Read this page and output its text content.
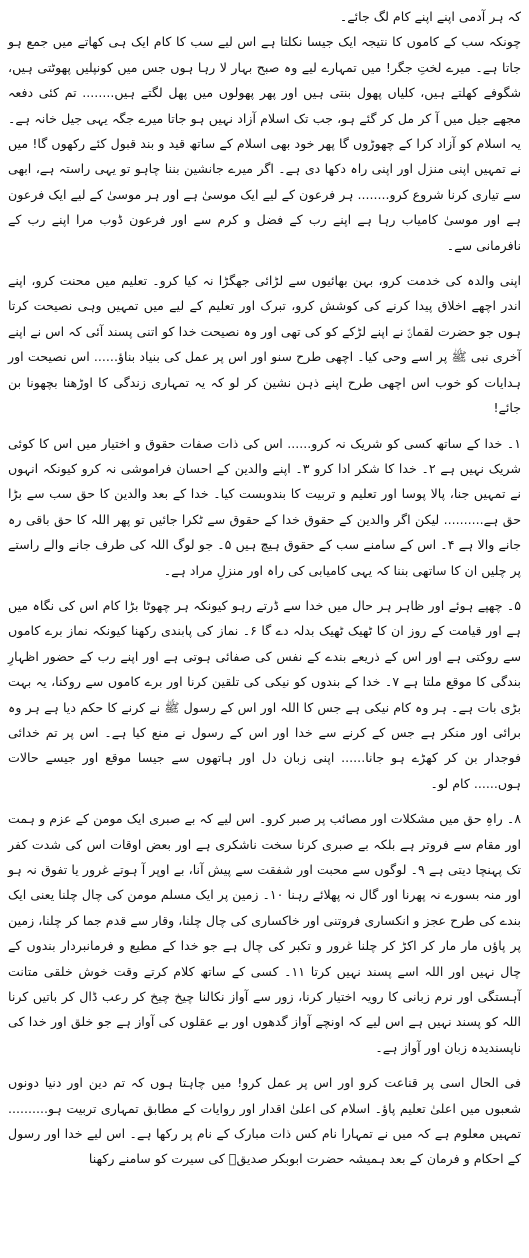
کہ ہر آدمی اپنے اپنے کام لگ جائے۔

چونکہ سب کے کاموں کا نتیجہ ایک جیسا نکلتا ہے اس لیے سب کا کام ایک ہی کھاتے میں جمع ہو جاتا ہے۔ میرے لختِ جگر! میں تمہارے لیے وہ صبح بہار لا رہا ہوں جس میں کونپلیں پھوٹتی ہیں، شگوفے کھلتے ہیں، کلیاں پھول بنتی ہیں اور پھر پھولوں میں پھل لگتے ہیں........ تم کئی دفعہ مجھے جیل میں آ کر مل کر گئے ہو، جب تک اسلام آزاد نہیں ہو جاتا میرے جگہ یہی جیل خانہ ہے۔ یہ اسلام کو آزاد کرا کے چھوڑوں گا پھر خود بھی اسلام کے ساتھ قید و بند قبول کئے رکھوں گا! میں نے تمہیں اپنی منزل اور اپنی راہ دکھا دی ہے۔ اگر میرے جانشین بننا چاہو تو یہی راستہ ہے، ابھی سے تیاری کرنا شروع کرو........ ہر فرعون کے لیے ایک موسیٰ ہے اور ہر موسیٰ کے لیے ایک فرعون ہے اور موسیٰ کامیاب رہا ہے اپنے رب کے فضل و کرم سے اور فرعون ڈوب مرا اپنے رب کے نافرمانی سے۔

اپنی والدہ کی خدمت کرو، بہن بھائیوں سے لڑائی جھگڑا نہ کیا کرو۔ تعلیم میں محنت کرو، اپنے اندر اچھے اخلاق پیدا کرنے کی کوشش کرو، تبرک اور تعلیم کے لیے میں تمہیں وہی نصیحت کرتا ہوں جو حضرت لقمانؑ نے اپنے لڑکے کو کی تھی اور وہ نصیحت خدا کو اتنی پسند آئی کہ اس نے اپنے آخری نبی ﷺ پر اسے وحی کیا۔ اچھی طرح سنو اور اس پر عمل کی بنیاد بناؤ...... اس نصیحت اور ہدایات کو خوب اس اچھی طرح اپنے ذہن نشین کر لو کہ یہ تمہاری زندگی کا اوڑھنا بچھونا بن جائے!

۱۔ خدا کے ساتھ کسی کو شریک نہ کرو...... اس کی ذات صفات حقوق و اختیار میں اس کا کوئی شریک نہیں ہے ۲۔ خدا کا شکر ادا کرو ۳۔ اپنے والدین کے احسان فراموشی نہ کرو کیونکہ انہوں نے تمہیں جنا، پالا پوسا اور تعلیم و تربیت کا بندوبست کیا۔ خدا کے بعد والدین کا حق سب سے بڑا حق ہے.......... لیکن اگر والدین کے حقوق خدا کے حقوق سے ٹکرا جائیں تو پھر اللہ کا حق باقی رہ جانے والا ہے ۴۔ اس کے سامنے سب کے حقوق ہیچ ہیں ۵۔ جو لوگ اللہ کی طرف جانے والے راستے پر چلیں ان کا ساتھی بننا کہ یہی کامیابی کی راہ اور منزلِ مراد ہے۔

۵۔ چھپے ہوئے اور ظاہر ہر حال میں خدا سے ڈرتے رہو کیونکہ ہر چھوٹا بڑا کام اس کی نگاہ میں ہے اور قیامت کے روز ان کا ٹھیک ٹھیک بدلہ دے گا ۶۔ نماز کی پابندی رکھنا کیونکہ نماز برے کاموں سے روکتی ہے اور اس کے ذریعے بندے کے نفس کی صفائی ہوتی ہے اور اپنے رب کے حضور اظہارِ بندگی کا موقع ملتا ہے ۷۔ خدا کے بندوں کو نیکی کی تلقین کرنا اور برے کاموں سے روکنا، یہ بہت بڑی بات ہے۔ ہر وہ کام نیکی ہے جس کا اللہ اور اس کے رسول ﷺ نے کرنے کا حکم دیا ہے ہر وہ برائی اور منکر ہے جس کے کرنے سے خدا اور اس کے رسول نے منع کیا ہے۔ اس پر تم خدائی فوجدار بن کر کھڑے ہو جانا...... اپنی زبان دل اور ہاتھوں سے جیسا موقع اور جیسے حالات ہوں...... کام لو۔

۸۔ راہِ حق میں مشکلات اور مصائب پر صبر کرو۔ اس لیے کہ بے صبری ایک مومن کے عزم و ہمت اور مقام سے فروتر ہے بلکہ بے صبری کرنا سخت ناشکری ہے اور بعض اوقات اس کی شدت کفر تک پہنچا دیتی ہے ۹۔ لوگوں سے محبت اور شفقت سے پیش آنا، بے اوپر آ ہوتے غرور یا تفوق نہ ہو اور منہ بسورے نہ پھرنا اور گال نہ پھلائے رہنا ۱۰۔ زمین پر ایک مسلم مومن کی چال چلنا یعنی ایک بندے کی طرح عجز و انکساری فروتنی اور خاکساری کی چال چلنا، وقار سے قدم جما کر چلنا، زمین پر پاؤں مار مار کر اکڑ کر چلنا غرور و تکبر کی چال ہے جو خدا کے مطیع و فرمانبردار بندوں کے چال نہیں اور اللہ اسے پسند نہیں کرتا ۱۱۔ کسی کے ساتھ کلام کرتے وقت خوش خلقی متانت آہستگی اور نرم زبانی کا رویہ اختیار کرنا، زور سے آواز نکالنا چیخ چیخ کر رعب ڈال کر باتیں کرنا اللہ کو پسند نہیں ہے اس لیے کہ اونچے آواز گدھوں اور بے عقلوں کی آواز ہے جو خلق اور خدا کی ناپسندیدہ زبان اور آواز ہے۔

فی الحال اسی پر قناعت کرو اور اس پر عمل کرو! میں چاہتا ہوں کہ تم دین اور دنیا دونوں شعبوں میں اعلیٰ تعلیم پاؤ۔ اسلام کی اعلیٰ اقدار اور روایات کے مطابق تمہاری تربیت ہو.......... تمہیں معلوم ہے کہ میں نے تمہارا نام کس ذات مبارک کے نام پر رکھا ہے۔ اس لیے خدا اور رسول کے احکام و فرمان کے بعد ہمیشہ حضرت ابوبکر صدیقؓ کی سیرت کو سامنے رکھنا
